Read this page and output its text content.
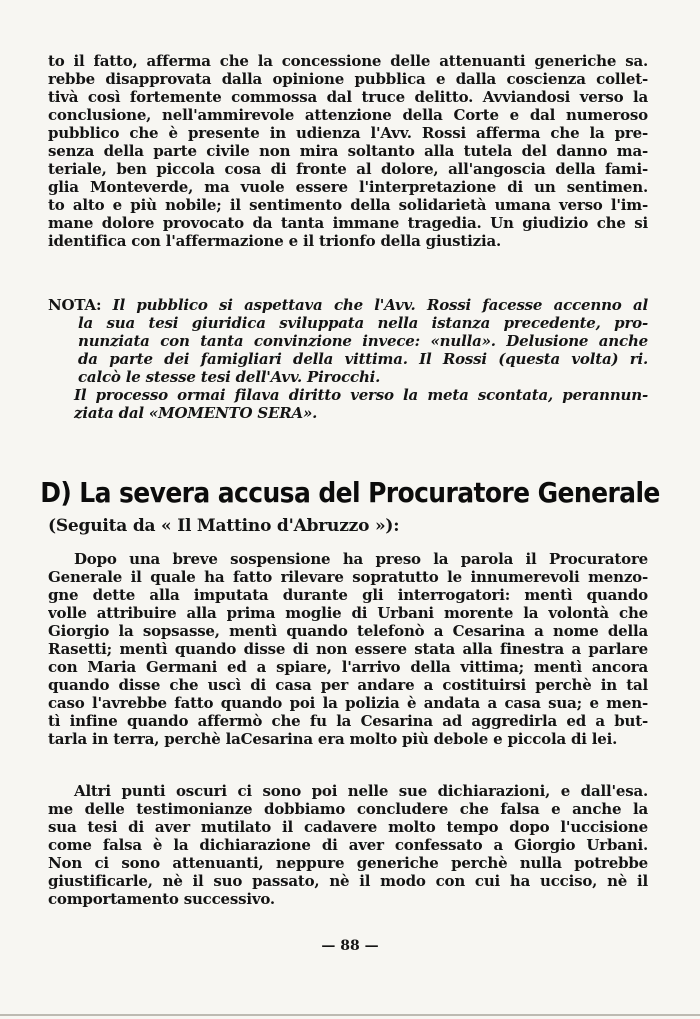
to il fatto, afferma che la concessione delle attenuanti generiche sa.
rebbe disapprovata dalla opinione pubblica e dalla coscienza collet-
tivà così fortemente commossa dal truce delitto. Avviandosi verso la
conclusione, nell'ammirevole attenzione della Corte e dal numeroso
pubblico che è presente in udienza l'Avv. Rossi afferma che la pre-
senza della parte civile non mira soltanto alla tutela del danno ma-
teriale, ben piccola cosa di fronte al dolore, all'angoscia della fami-
glia Monteverde, ma vuole essere l'interpretazione di un sentimen.
to alto e più nobile; il sentimento della solidarietà umana verso l'im-
mane dolore provocato da tanta immane tragedia. Un giudizio che si
identifica con l'affermazione e il trionfo della giustizia.
NOTA: Il pubblico si aspettava che l'Avv. Rossi facesse accenno al
la sua tesi giuridica sviluppata nella istanza precedente, pro-
nunziata con tanta convinzione invece: «nulla». Delusione anche
da parte dei famigliari della vittima. Il Rossi (questa volta) ri.
calcò le stesse tesi dell'Avv. Pirocchi.
Il processo ormai filava diritto verso la meta scontata, perannun-
ziata dal «MOMENTO SERA».
D) La severa accusa del Procuratore Generale
(Seguita da « Il Mattino d'Abruzzo »):
Dopo una breve sospensione ha preso la parola il Procuratore
Generale il quale ha fatto rilevare sopratutto le innumerevoli menzo-
gne dette alla imputata durante gli interrogatori: mentì quando
volle attribuire alla prima moglie di Urbani morente la volontà che
Giorgio la sopsasse, mentì quando telefonò a Cesarina a nome della
Rasetti; mentì quando disse di non essere stata alla finestra a parlare
con Maria Germani ed a spiare, l'arrivo della vittima; mentì ancora
quando disse che uscì di casa per andare a costituirsi perchè in tal
caso l'avrebbe fatto quando poi la polizia è andata a casa sua; e men-
tì infine quando affermò che fu la Cesarina ad aggredirla ed a but-
tarla in terra, perchè laCesarina era molto più debole e piccola di lei.
Altri punti oscuri ci sono poi nelle sue dichiarazioni, e dall'esa.
me delle testimonianze dobbiamo concludere che falsa e anche la
sua tesi di aver mutilato il cadavere molto tempo dopo l'uccisione
come falsa è la dichiarazione di aver confessato a Giorgio Urbani.
Non ci sono attenuanti, neppure generiche perchè nulla potrebbe
giustificarle, nè il suo passato, nè il modo con cui ha ucciso, nè il
comportamento successivo.
— 88 —
